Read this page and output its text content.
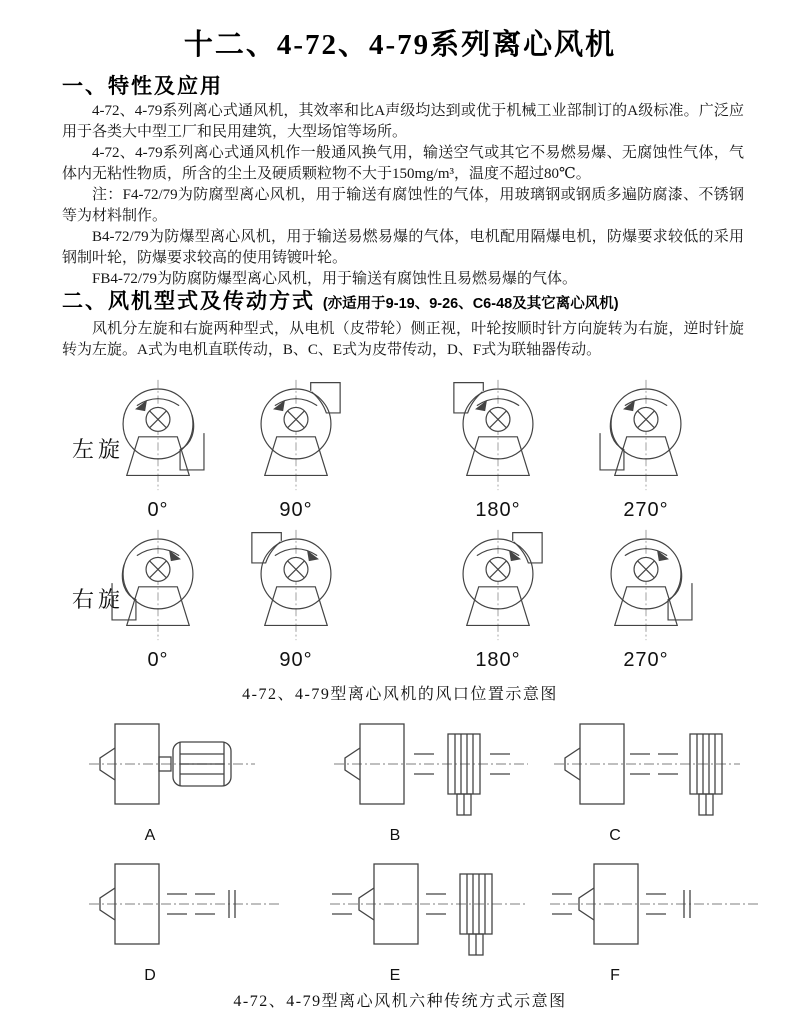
十二、4-72、4-79系列离心风机
一、特性及应用

4-72、4-79系列离心式通风机，其效率和比A声级均达到或优于机械工业部制订的A级标准。广泛应用于各类大中型工厂和民用建筑，大型场馆等场所。

4-72、4-79系列离心式通风机作一般通风换气用，输送空气或其它不易燃易爆、无腐蚀性气体，气体内无粘性物质，所含的尘土及硬质颗粒物不大于150mg/m³，温度不超过80℃。

注：F4-72/79为防腐型离心风机，用于输送有腐蚀性的气体，用玻璃钢或钢质多遍防腐漆、不锈钢等为材料制作。

B4-72/79为防爆型离心风机，用于输送易燃易爆的气体，电机配用隔爆电机，防爆要求较低的采用钢制叶轮，防爆要求较高的使用铸镀叶轮。

FB4-72/79为防腐防爆型离心风机，用于输送有腐蚀性且易燃易爆的气体。

二、风机型式及传动方式 (亦适用于9-19、9-26、C6-48及其它离心风机)

风机分左旋和右旋两种型式，从电机（皮带轮）侧正视，叶轮按顺时针方向旋转为右旋，逆时针旋转为左旋。A式为电机直联传动，B、C、E式为皮带传动，D、F式为联轴器传动。

左旋
右旋
0°	90°	180°	270°
0°	90°	180°	270°
4-72、4-79型离心风机的风口位置示意图
A	B	C
D	E	F
4-72、4-79型离心风机六种传统方式示意图
